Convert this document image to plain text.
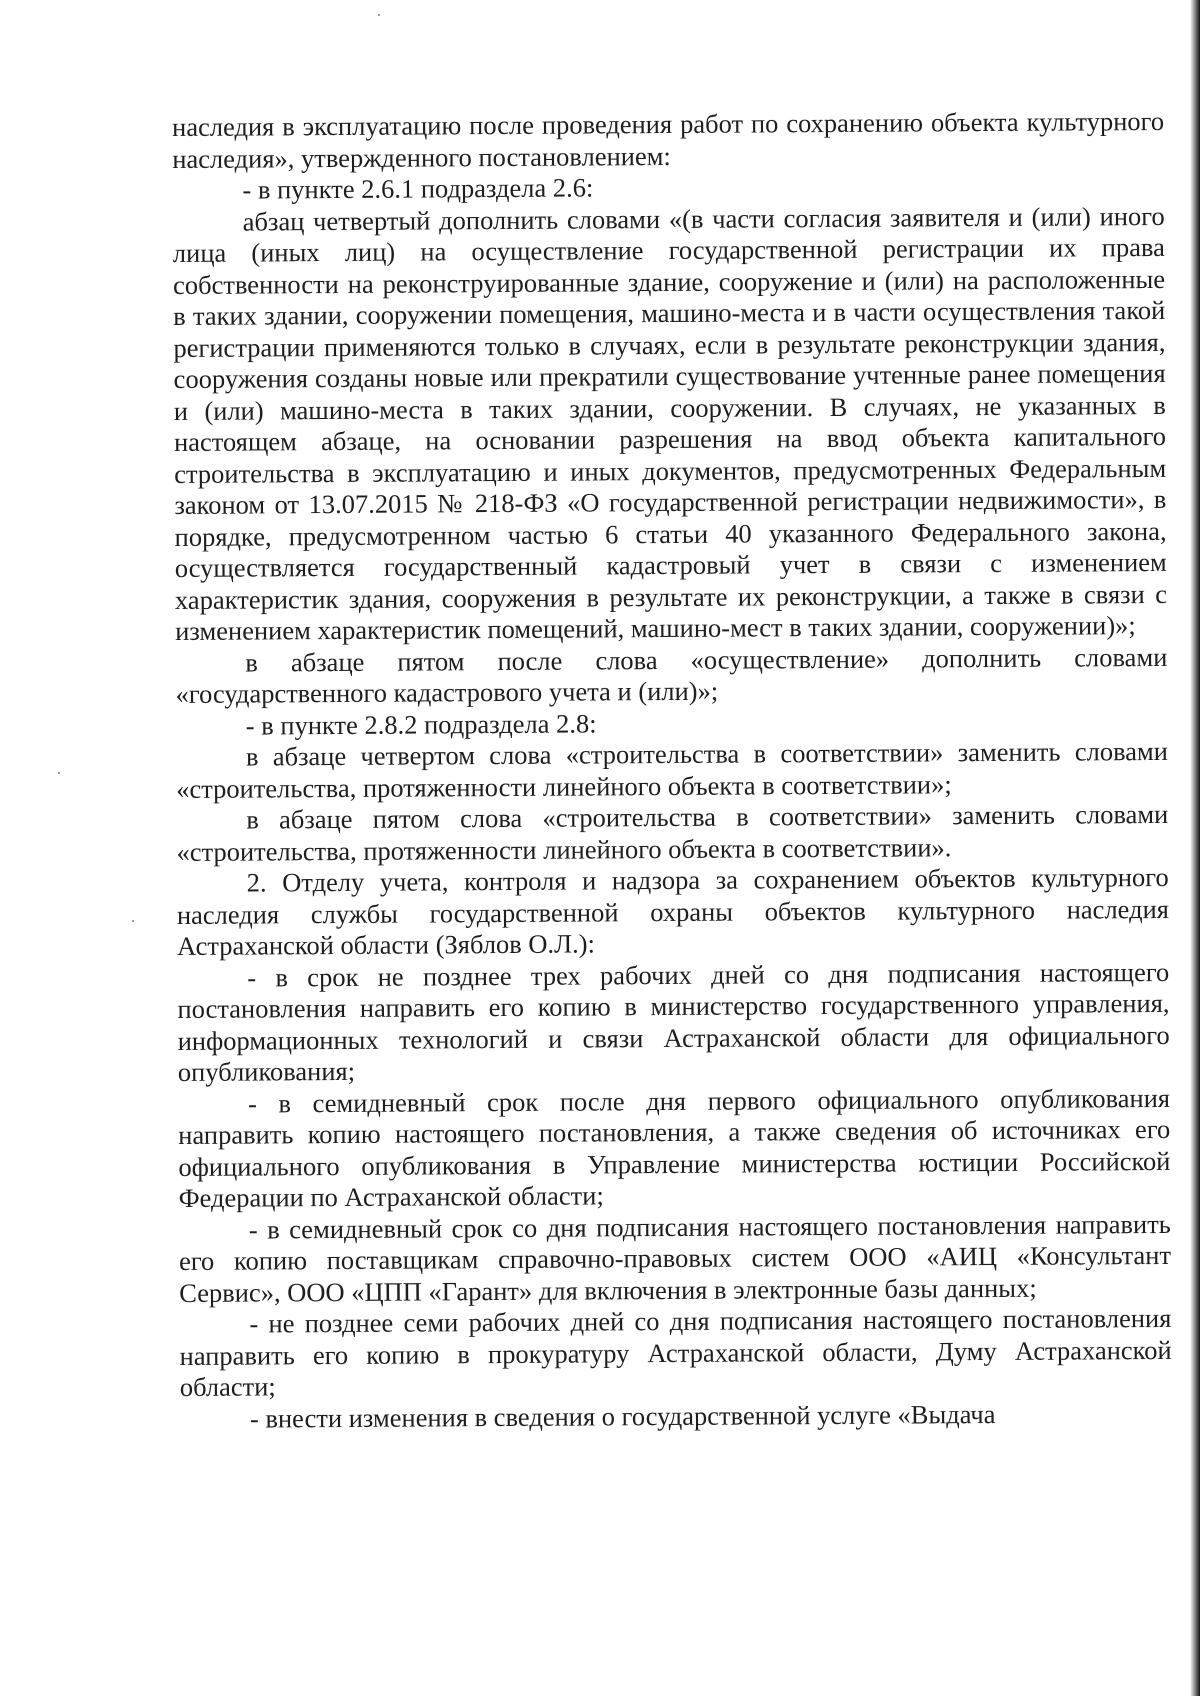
наследия в эксплуатацию после проведения работ по сохранению объекта культурного наследия», утвержденного постановлением:

- в пункте 2.6.1 подраздела 2.6:

абзац четвертый дополнить словами «(в части согласия заявителя и (или) иного лица (иных лиц) на осуществление государственной регистрации их права собственности на реконструированные здание, сооружение и (или) на расположенные в таких здании, сооружении помещения, машино-места и в части осуществления такой регистрации применяются только в случаях, если в результате реконструкции здания, сооружения созданы новые или прекратили существование учтенные ранее помещения и (или) машино-места в таких здании, сооружении. В случаях, не указанных в настоящем абзаце, на основании разрешения на ввод объекта капитального строительства в эксплуатацию и иных документов, предусмотренных Федеральным законом от 13.07.2015 № 218-ФЗ «О государственной регистрации недвижимости», в порядке, предусмотренном частью 6 статьи 40 указанного Федерального закона, осуществляется государственный кадастровый учет в связи с изменением характеристик здания, сооружения в результате их реконструкции, а также в связи с изменением характеристик помещений, машино-мест в таких здании, сооружении)»;

в абзаце пятом после слова «осуществление» дополнить словами «государственного кадастрового учета и (или)»;

- в пункте 2.8.2 подраздела 2.8:

в абзаце четвертом слова «строительства в соответствии» заменить словами «строительства, протяженности линейного объекта в соответствии»;

в абзаце пятом слова «строительства в соответствии» заменить словами «строительства, протяженности линейного объекта в соответствии».

2. Отделу учета, контроля и надзора за сохранением объектов культурного наследия службы государственной охраны объектов культурного наследия Астраханской области (Зяблов О.Л.):

- в срок не позднее трех рабочих дней со дня подписания настоящего постановления направить его копию в министерство государственного управления, информационных технологий и связи Астраханской области для официального опубликования;

- в семидневный срок после дня первого официального опубликования направить копию настоящего постановления, а также сведения об источниках его официального опубликования в Управление министерства юстиции Российской Федерации по Астраханской области;

- в семидневный срок со дня подписания настоящего постановления направить его копию поставщикам справочно-правовых систем ООО «АИЦ «Консультант Сервис», ООО «ЦПП «Гарант» для включения в электронные базы данных;

- не позднее семи рабочих дней со дня подписания настоящего постановления направить его копию в прокуратуру Астраханской области, Думу Астраханской области;

- внести изменения в сведения о государственной услуге «Выдача
